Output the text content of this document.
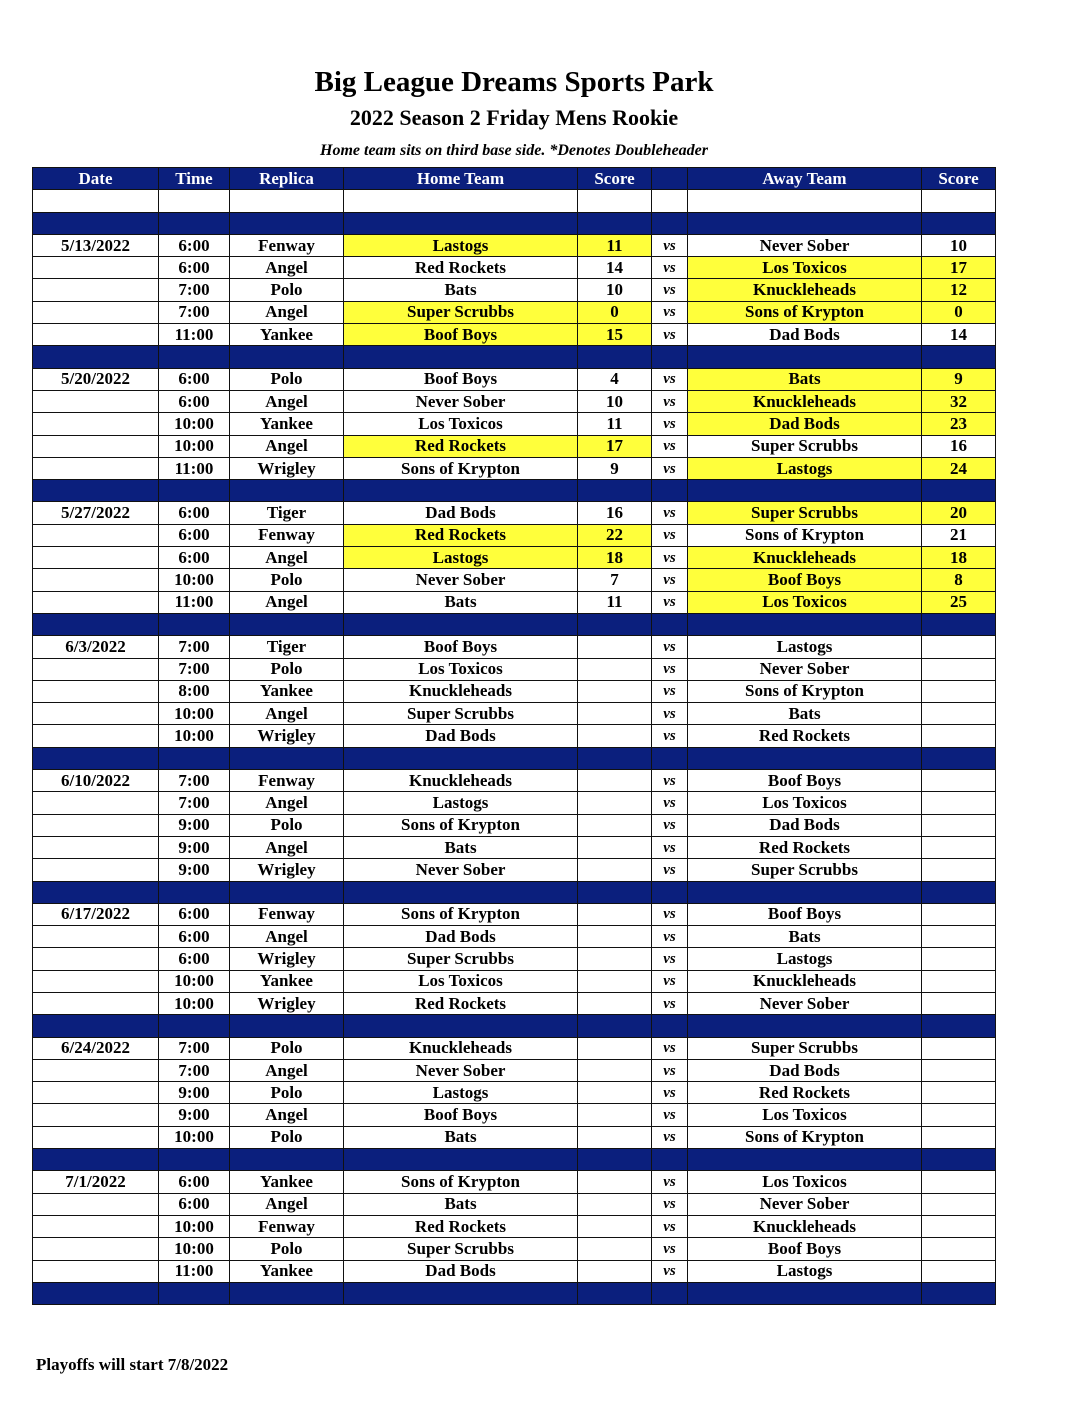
Big League Dreams Sports Park
2022 Season 2 Friday Mens Rookie
Home team sits on third base side. *Denotes Doubleheader
Date	Time	Replica	Home Team	Score		Away Team	Score

5/13/2022	6:00	Fenway	Lastogs	11	vs	Never Sober	10
	6:00	Angel	Red Rockets	14	vs	Los Toxicos	17
	7:00	Polo	Bats	10	vs	Knuckleheads	12
	7:00	Angel	Super Scrubbs	0	vs	Sons of Krypton	0
	11:00	Yankee	Boof Boys	15	vs	Dad Bods	14

5/20/2022	6:00	Polo	Boof Boys	4	vs	Bats	9
	6:00	Angel	Never Sober	10	vs	Knuckleheads	32
	10:00	Yankee	Los Toxicos	11	vs	Dad Bods	23
	10:00	Angel	Red Rockets	17	vs	Super Scrubbs	16
	11:00	Wrigley	Sons of Krypton	9	vs	Lastogs	24

5/27/2022	6:00	Tiger	Dad Bods	16	vs	Super Scrubbs	20
	6:00	Fenway	Red Rockets	22	vs	Sons of Krypton	21
	6:00	Angel	Lastogs	18	vs	Knuckleheads	18
	10:00	Polo	Never Sober	7	vs	Boof Boys	8
	11:00	Angel	Bats	11	vs	Los Toxicos	25

6/3/2022	7:00	Tiger	Boof Boys		vs	Lastogs	
	7:00	Polo	Los Toxicos		vs	Never Sober	
	8:00	Yankee	Knuckleheads		vs	Sons of Krypton	
	10:00	Angel	Super Scrubbs		vs	Bats	
	10:00	Wrigley	Dad Bods		vs	Red Rockets	

6/10/2022	7:00	Fenway	Knuckleheads		vs	Boof Boys	
	7:00	Angel	Lastogs		vs	Los Toxicos	
	9:00	Polo	Sons of Krypton		vs	Dad Bods	
	9:00	Angel	Bats		vs	Red Rockets	
	9:00	Wrigley	Never Sober		vs	Super Scrubbs	

6/17/2022	6:00	Fenway	Sons of Krypton		vs	Boof Boys	
	6:00	Angel	Dad Bods		vs	Bats	
	6:00	Wrigley	Super Scrubbs		vs	Lastogs	
	10:00	Yankee	Los Toxicos		vs	Knuckleheads	
	10:00	Wrigley	Red Rockets		vs	Never Sober	

6/24/2022	7:00	Polo	Knuckleheads		vs	Super Scrubbs	
	7:00	Angel	Never Sober		vs	Dad Bods	
	9:00	Polo	Lastogs		vs	Red Rockets	
	9:00	Angel	Boof Boys		vs	Los Toxicos	
	10:00	Polo	Bats		vs	Sons of Krypton	

7/1/2022	6:00	Yankee	Sons of Krypton		vs	Los Toxicos	
	6:00	Angel	Bats		vs	Never Sober	
	10:00	Fenway	Red Rockets		vs	Knuckleheads	
	10:00	Polo	Super Scrubbs		vs	Boof Boys	
	11:00	Yankee	Dad Bods		vs	Lastogs	

Playoffs will start 7/8/2022
